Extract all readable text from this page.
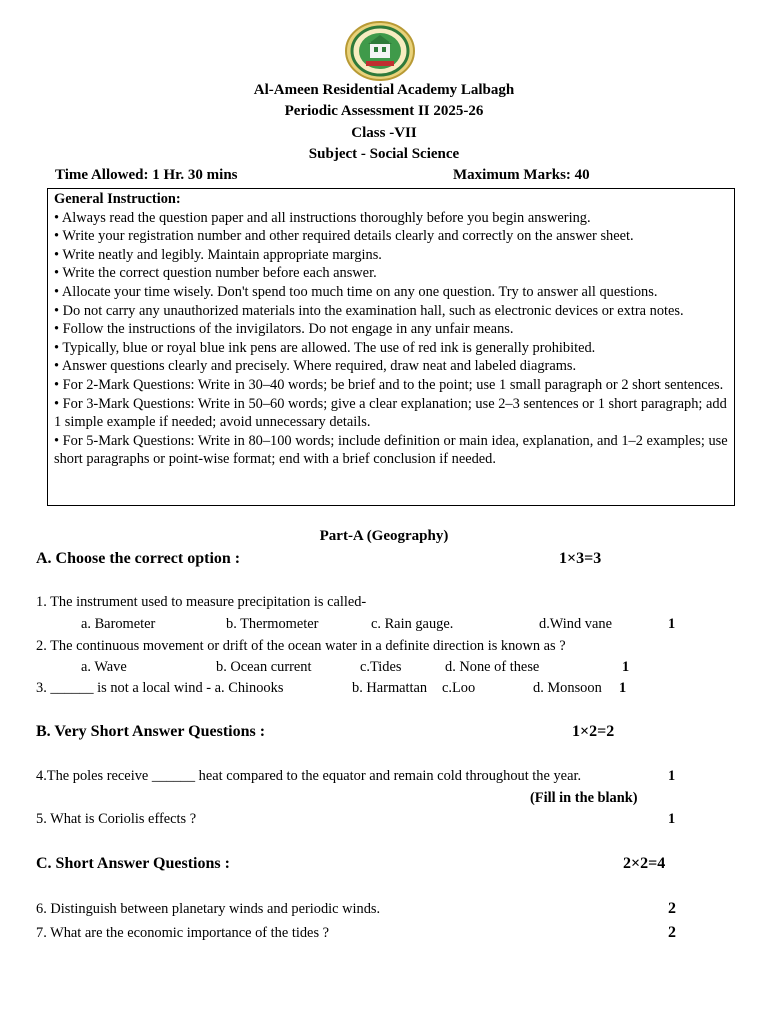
Al-Ameen Residential Academy Lalbagh
Periodic Assessment II 2025-26
Class -VII
Subject - Social Science
Time Allowed: 1 Hr. 30 mins	Maximum Marks: 40
General Instruction:
• Always read the question paper and all instructions thoroughly before you begin answering.
• Write your registration number and other required details clearly and correctly on the answer sheet.
• Write neatly and legibly. Maintain appropriate margins.
• Write the correct question number before each answer.
• Allocate your time wisely. Don't spend too much time on any one question. Try to answer all questions.
• Do not carry any unauthorized materials into the examination hall, such as electronic devices or extra notes.
• Follow the instructions of the invigilators. Do not engage in any unfair means.
• Typically, blue or royal blue ink pens are allowed. The use of red ink is generally prohibited.
• Answer questions clearly and precisely. Where required, draw neat and labeled diagrams.
• For 2-Mark Questions: Write in 30–40 words; be brief and to the point; use 1 small paragraph or 2 short sentences.
• For 3-Mark Questions: Write in 50–60 words; give a clear explanation; use 2–3 sentences or 1 short paragraph; add 1 simple example if needed; avoid unnecessary details.
• For 5-Mark Questions: Write in 80–100 words; include definition or main idea, explanation, and 1–2 examples; use short paragraphs or point-wise format; end with a brief conclusion if needed.
Part-A (Geography)
A. Choose the correct option :	1×3=3
1. The instrument used to measure precipitation is called-
a. Barometer	b. Thermometer	c. Rain gauge.	d.Wind vane	1
2. The continuous movement or drift of the ocean water in a definite direction is known as ?
a. Wave	b. Ocean current	c.Tides	d. None of these	1
3. ______ is not a local wind - a. Chinooks	b. Harmattan c.Loo	d. Monsoon 1
B. Very Short Answer Questions :	1×2=2
4.The poles receive ______ heat compared to the equator and remain cold throughout the year.	1
(Fill in the blank)
5. What is Coriolis effects ?	1
C. Short Answer Questions :	2×2=4
6. Distinguish between planetary winds and periodic winds.	2
7. What are the economic importance of the tides ?	2
